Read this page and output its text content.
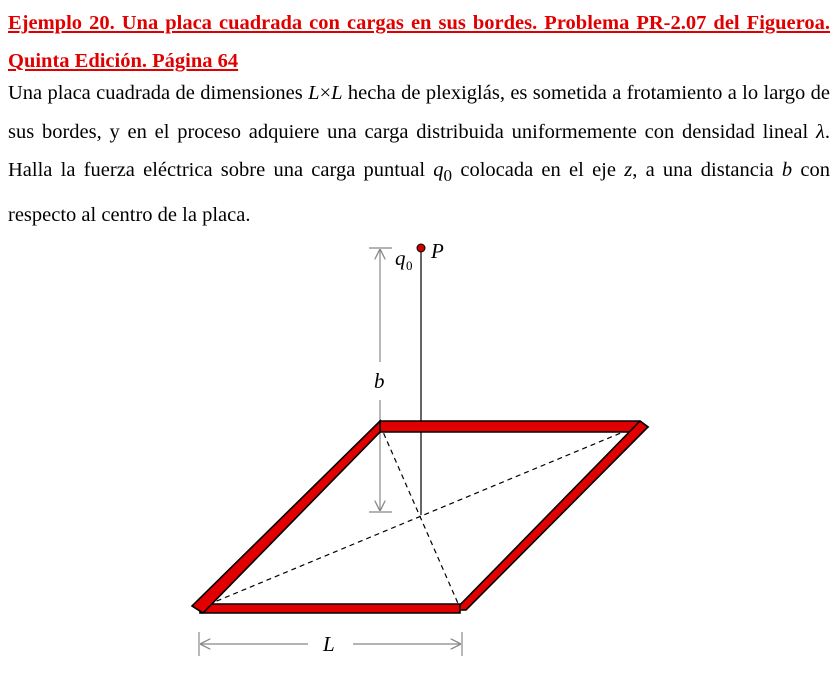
Ejemplo 20. Una placa cuadrada con cargas en sus bordes. Problema PR-2.07 del Figueroa. Quinta Edición. Página 64
Una placa cuadrada de dimensiones L×L hecha de plexiglás, es sometida a frotamiento a lo largo de sus bordes, y en el proceso adquiere una carga distribuida uniformemente con densidad lineal λ. Halla la fuerza eléctrica sobre una carga puntual $q_0$ colocada en el eje z, a una distancia b con respecto al centro de la placa.
b
L
q 0
P
